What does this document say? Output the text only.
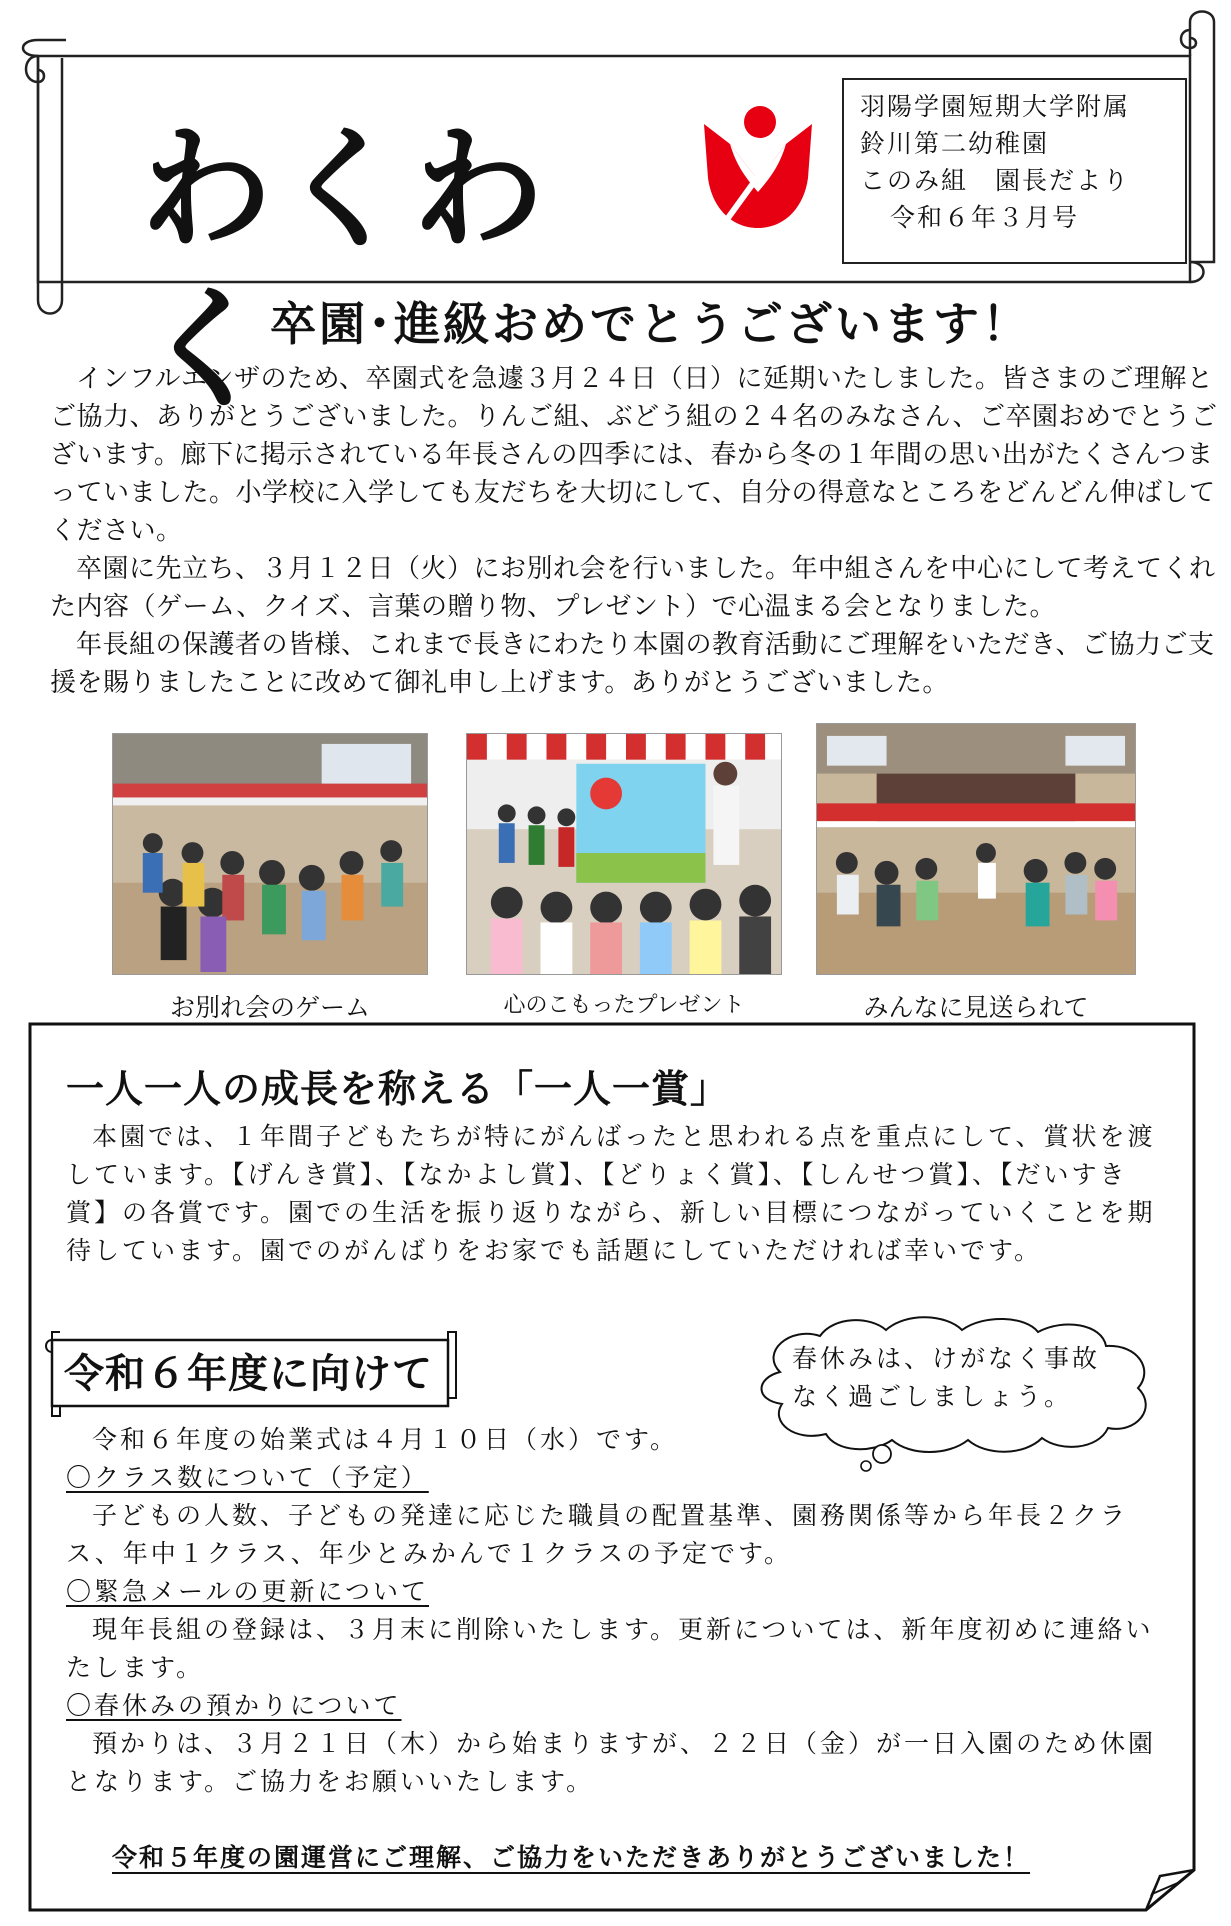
わくわく
羽陽学園短期大学附属
鈴川第二幼稚園
このみ組　園長だより
令和６年３月号
卒園･進級おめでとうございます！

インフルエンザのため、卒園式を急遽３月２４日（日）に延期いたしました。皆さまのご理解とご協力、ありがとうございました。りんご組、ぶどう組の２４名のみなさん、ご卒園おめでとうございます。廊下に掲示されている年長さんの四季には、春から冬の１年間の思い出がたくさんつまっていました。小学校に入学しても友だちを大切にして、自分の得意なところをどんどん伸ばしてください。

卒園に先立ち、３月１２日（火）にお別れ会を行いました。年中組さんを中心にして考えてくれた内容（ゲーム、クイズ、言葉の贈り物、プレゼント）で心温まる会となりました。

年長組の保護者の皆様、これまで長きにわたり本園の教育活動にご理解をいただき、ご協力ご支援を賜りましたことに改めて御礼申し上げます。ありがとうございました。

お別れ会のゲーム	心のこもったプレゼント	みんなに見送られて
一人一人の成長を称える「一人一賞」

本園では、１年間子どもたちが特にがんばったと思われる点を重点にして、賞状を渡しています。【げんき賞】、【なかよし賞】、【どりょく賞】、【しんせつ賞】、【だいすき賞】の各賞です。園での生活を振り返りながら、新しい目標につながっていくことを期待しています。園でのがんばりをお家でも話題にしていただければ幸いです。

令和６年度に向けて	春休みは、けがなく事故
なく過ごしましょう。

令和６年度の始業式は４月１０日（水）です。

〇クラス数について（予定）

子どもの人数、子どもの発達に応じた職員の配置基準、園務関係等から年長２クラス、年中１クラス、年少とみかんで１クラスの予定です。

〇緊急メールの更新について

現年長組の登録は、３月末に削除いたします。更新については、新年度初めに連絡いたします。

〇春休みの預かりについて

預かりは、３月２１日（木）から始まりますが、２２日（金）が一日入園のため休園となります。ご協力をお願いいたします。

令和５年度の園運営にご理解、ご協力をいただきありがとうございました！
